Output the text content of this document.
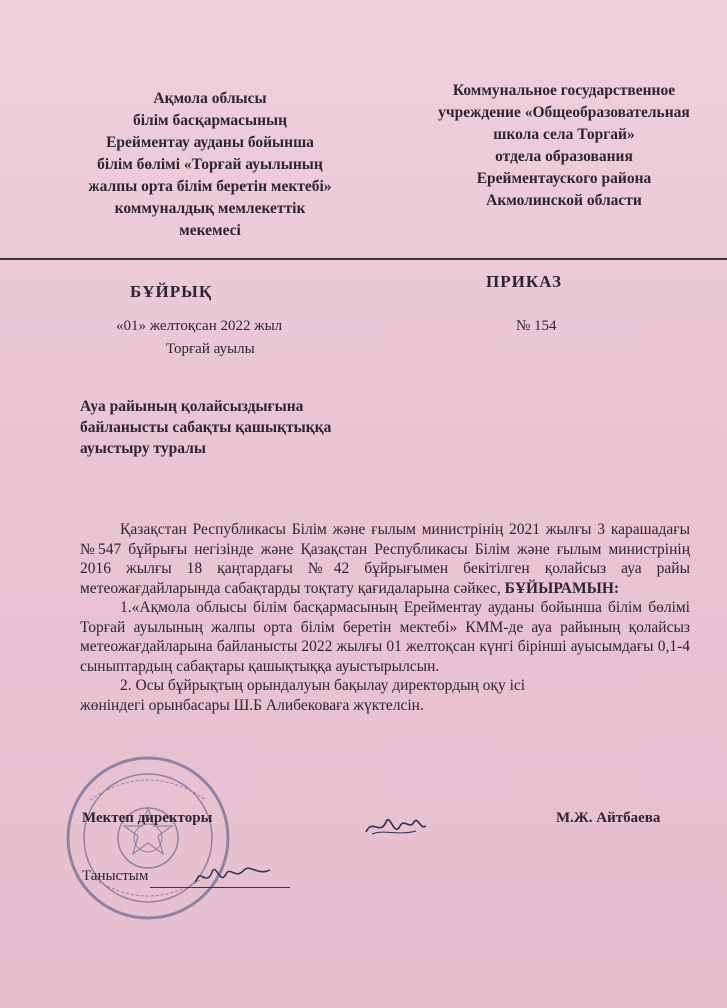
Ақмола облысы
білім басқармасының
Ерейментау ауданы бойынша
білім бөлімі «Торғай ауылының
жалпы орта білім беретін мектебі»
коммуналдық мемлекеттік
мекемесі
Коммунальное государственное
учреждение «Общеобразовательная
школа села Торгай»
отдела образования
Ерейментауского района
Акмолинской области
БҰЙРЫҚ
ПРИКАЗ
«01» желтоқсан 2022 жыл
Торғай ауылы
№ 154
Ауа райының қолайсыздығына
байланысты сабақты қашықтыққа
ауыстыру туралы

Қазақстан Республикасы Білім және ғылым министрінің 2021 жылғы 3 карашадағы №547 бұйрығы негізінде және Қазақстан Республикасы Білім және ғылым министрінің 2016 жылғы 18 қаңтардағы №42 бұйрығымен бекітілген қолайсыз ауа райы метеожағдайларында сабақтарды тоқтату қағидаларына сәйкес, БҰЙЫРАМЫН:

1.«Ақмола облысы білім басқармасының Ерейментау ауданы бойынша білім бөлімі Торғай ауылының жалпы орта білім беретін мектебі» КММ-де ауа райының қолайсыз метеожағдайларына байланысты 2022 жылғы 01 желтоқсан күнгі бірінші ауысымдағы 0,1-4 сыныптардың сабақтары қашықтыққа ауыстырылсын.

2. Осы бұйрықтың орындалуын бақылау директордың оқу ісі

жөніндегі орынбасары Ш.Б Алибековаға жүктелсін.

Мектеп директоры	М.Ж. Айтбаева
Таныстым
